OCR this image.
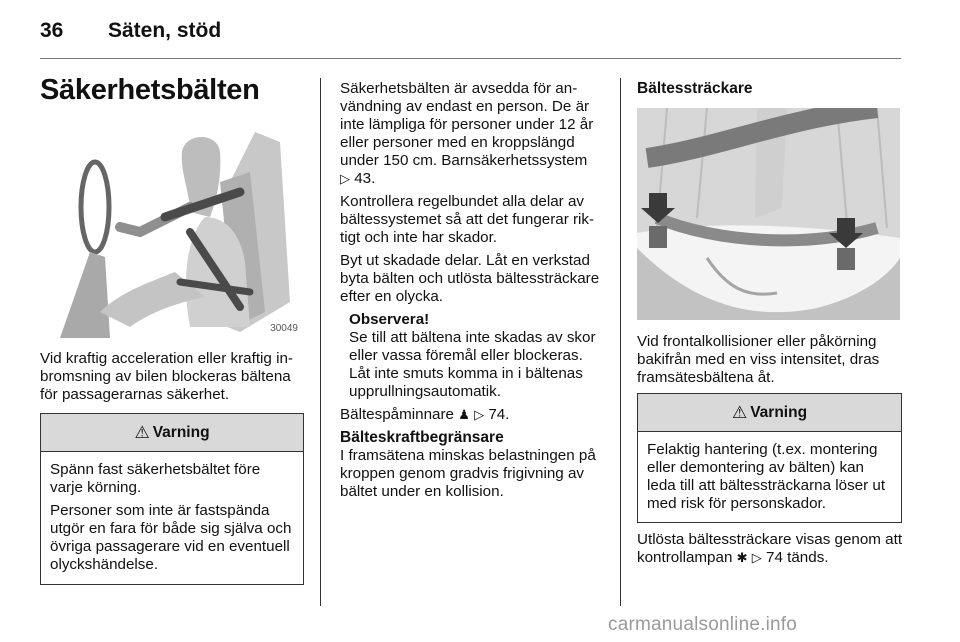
36 Säten, stöd
Säkerhetsbälten
30049

Vid kraftig acceleration eller kraftig inbromsning av bilen blockeras bältena för passagerarnas säkerhet.

⚠ Varning

Spänn fast säkerhetsbältet före varje körning.

Personer som inte är fastspända utgör en fara för både sig själva och övriga passagerare vid en eventuell olyckshändelse.

Säkerhetsbälten är avsedda för användning av endast en person. De är inte lämpliga för personer under 12 år eller personer med en kroppslängd under 150 cm. Barnsäkerhetssystem
▷ 43.

Kontrollera regelbundet alla delar av bältessystemet så att det fungerar riktigt och inte har skador.

Byt ut skadade delar. Låt en verkstad byta bälten och utlösta bältessträckare efter en olycka.

Observera!
Se till att bältena inte skadas av skor eller vassa föremål eller blockeras. Låt inte smuts komma in i bältenas upprullningsautomatik.

Bältespåminnare ♟ ▷ 74.

Bälteskraftbegränsare

I framsätena minskas belastningen på kroppen genom gradvis frigivning av bältet under en kollision.

Bältessträckare

Vid frontalkollisioner eller påkörning bakifrån med en viss intensitet, dras framsätesbältena åt.

⚠ Varning

Felaktig hantering (t.ex. montering eller demontering av bälten) kan leda till att bältessträckarna löser ut med risk för personskador.

Utlösta bältessträckare visas genom att kontrollampan ✱ ▷ 74 tänds.

carmanualsonline.info
